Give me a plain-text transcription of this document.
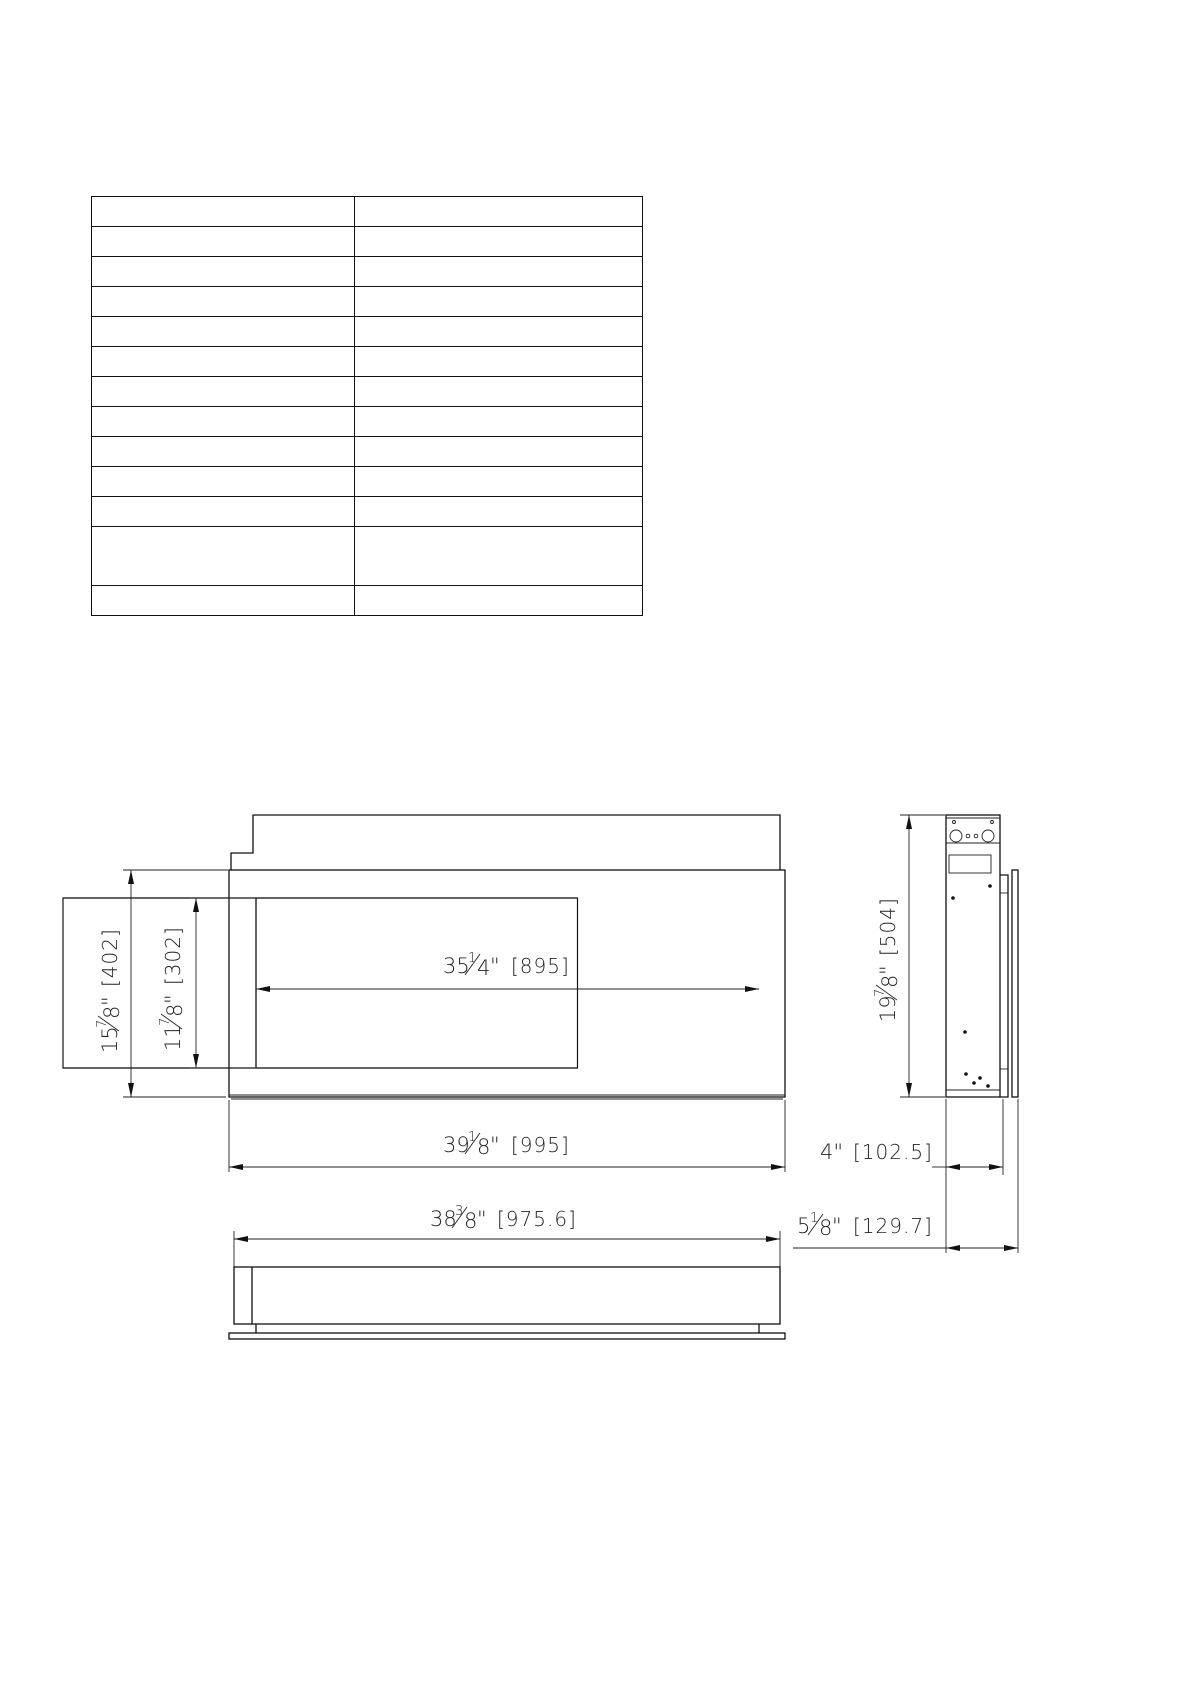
35
1 4 " [895]
39
1 8 " [995]
38
3 8 " [975.6]
4" [102.5]
5 1 8 " [129.7]
15
7
8
"
[402]
11
7
8
"
[302]
19
7
8
"
[504]
